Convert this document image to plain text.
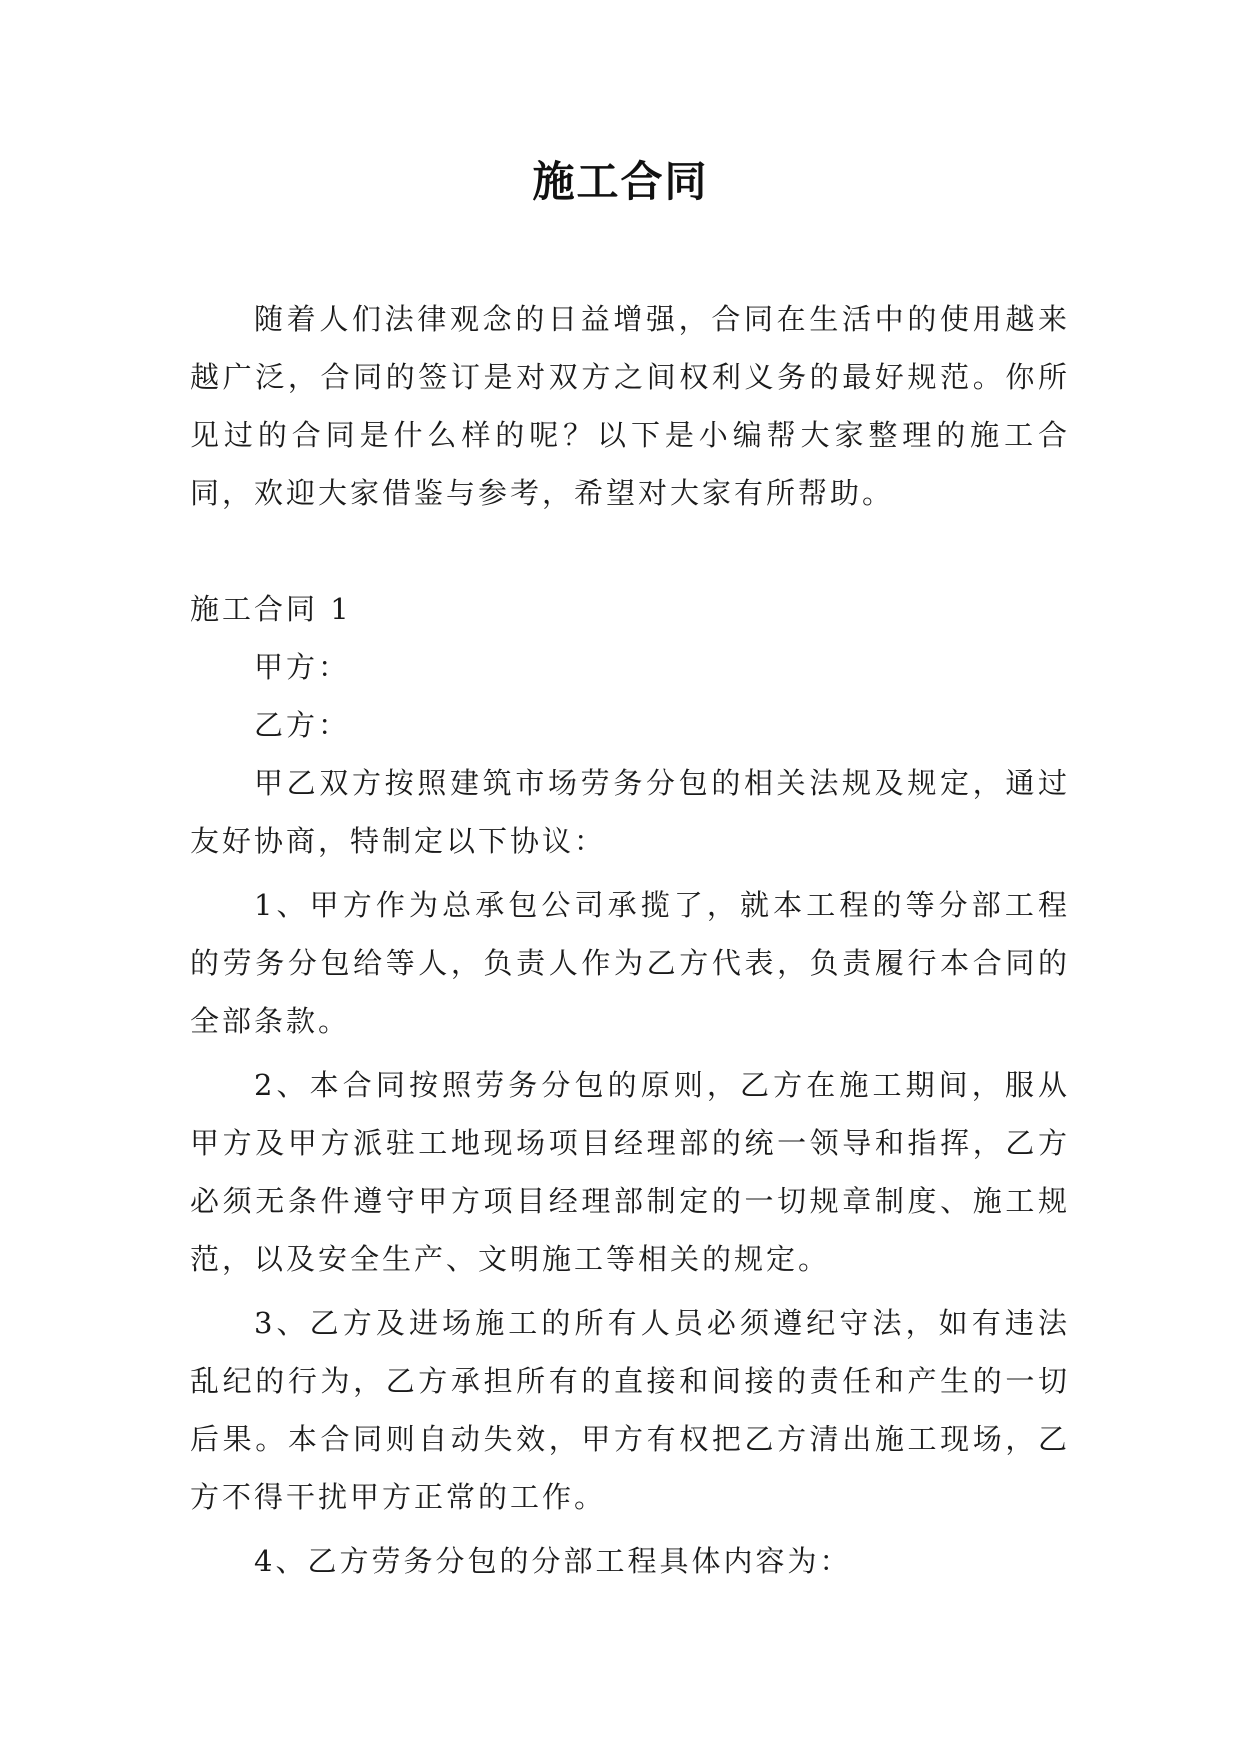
施工合同

随着人们法律观念的日益增强，合同在生活中的使用越来越广泛，合同的签订是对双方之间权利义务的最好规范。你所见过的合同是什么样的呢？以下是小编帮大家整理的施工合同，欢迎大家借鉴与参考，希望对大家有所帮助。

施工合同 1

甲方：

乙方：

甲乙双方按照建筑市场劳务分包的相关法规及规定，通过友好协商，特制定以下协议：

1、甲方作为总承包公司承揽了，就本工程的等分部工程的劳务分包给等人，负责人作为乙方代表，负责履行本合同的全部条款。

2、本合同按照劳务分包的原则，乙方在施工期间，服从甲方及甲方派驻工地现场项目经理部的统一领导和指挥，乙方必须无条件遵守甲方项目经理部制定的一切规章制度、施工规范，以及安全生产、文明施工等相关的规定。

3、乙方及进场施工的所有人员必须遵纪守法，如有违法乱纪的行为，乙方承担所有的直接和间接的责任和产生的一切后果。本合同则自动失效，甲方有权把乙方清出施工现场，乙方不得干扰甲方正常的工作。

4、乙方劳务分包的分部工程具体内容为：
